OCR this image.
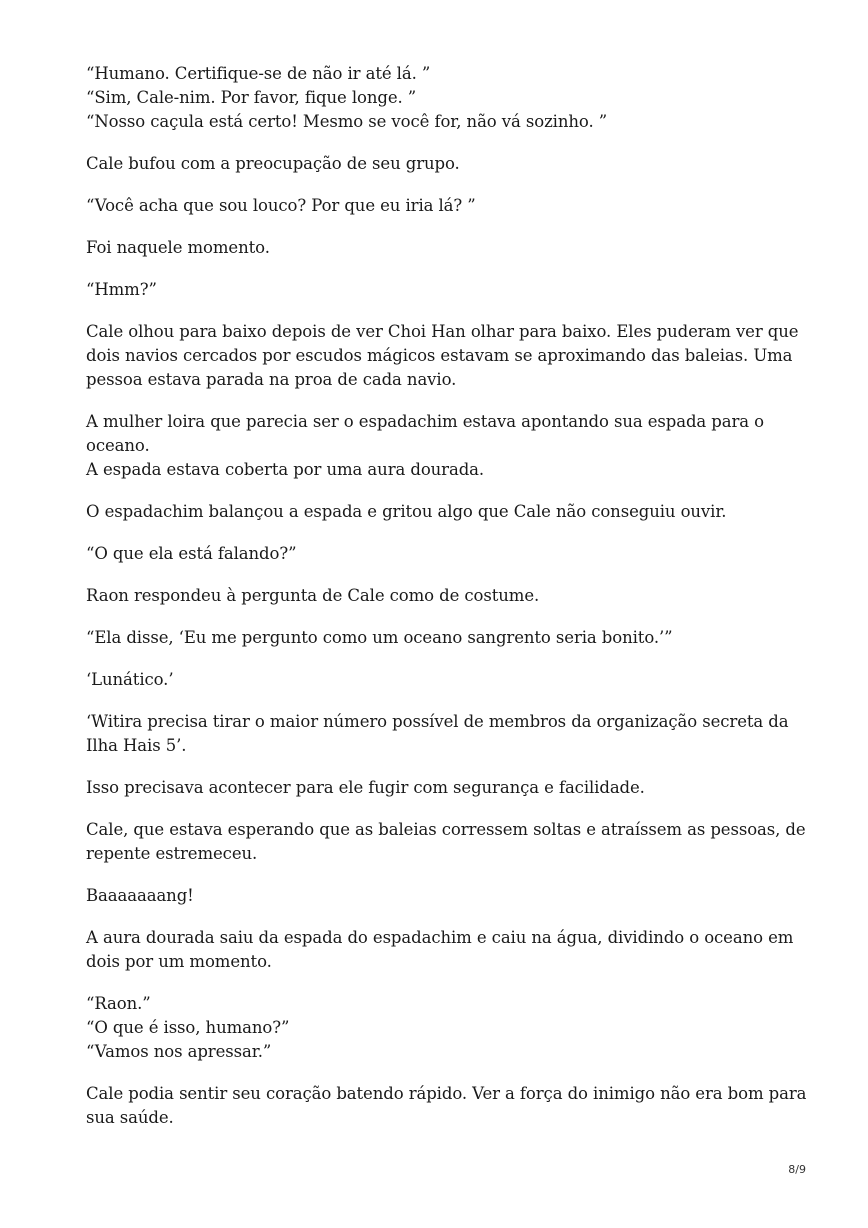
“Humano. Certifique-se de não ir até lá. ”
“Sim, Cale-nim. Por favor, fique longe. ”
“Nosso caçula está certo! Mesmo se você for, não vá sozinho. ”

Cale bufou com a preocupação de seu grupo.

“Você acha que sou louco? Por que eu iria lá? ”

Foi naquele momento.

“Hmm?”

Cale olhou para baixo depois de ver Choi Han olhar para baixo. Eles puderam ver que
dois navios cercados por escudos mágicos estavam se aproximando das baleias. Uma
pessoa estava parada na proa de cada navio.

A mulher loira que parecia ser o espadachim estava apontando sua espada para o
oceano.
A espada estava coberta por uma aura dourada.

O espadachim balançou a espada e gritou algo que Cale não conseguiu ouvir.

“O que ela está falando?”

Raon respondeu à pergunta de Cale como de costume.

“Ela disse, ‘Eu me pergunto como um oceano sangrento seria bonito.’”

‘Lunático.’

‘Witira precisa tirar o maior número possível de membros da organização secreta da
Ilha Hais 5’.

Isso precisava acontecer para ele fugir com segurança e facilidade.

Cale, que estava esperando que as baleias corressem soltas e atraíssem as pessoas, de
repente estremeceu.

Baaaaaaang!

A aura dourada saiu da espada do espadachim e caiu na água, dividindo o oceano em
dois por um momento.

“Raon.”
“O que é isso, humano?”
“Vamos nos apressar.”

Cale podia sentir seu coração batendo rápido. Ver a força do inimigo não era bom para
sua saúde.

8/9
